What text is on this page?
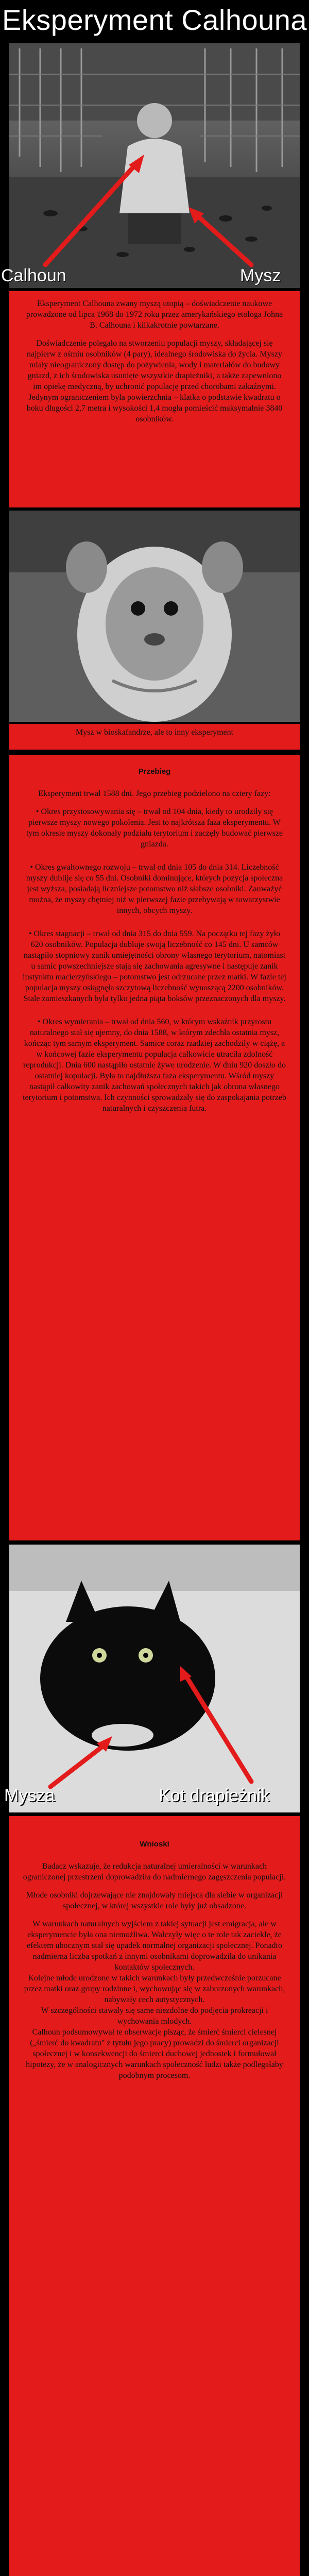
Eksperyment Calhouna
Calhoun	Mysz

Eksperyment Calhouna zwany myszą utopią – doświadczenie naukowe prowadzone od lipca 1968 do 1972 roku przez amerykańskiego etologa Johna B. Calhouna i kilkakrotnie powtarzane.

Doświadczenie polegało na stworzeniu populacji myszy, składającej się najpierw z ośmiu osobników (4 pary), idealnego środowiska do życia. Myszy miały nieograniczony dostęp do pożywienia, wody i materiałów do budowy gniazd, z ich środowiska usunięte wszystkie drapieżniki, a także zapewniono im opiekę medyczną, by uchronić populację przed chorobami zakaźnymi. Jedynym ograniczeniem była powierzchnia – klatka o podstawie kwadratu o boku długości 2,7 metra i wysokości 1,4 mogła pomieścić maksymalnie 3840 osobników.

Mysz w bioskafandrze, ale to inny eksperyment

Przebieg

Eksperyment trwał 1588 dni. Jego przebieg podzielono na cztery fazy:

• Okres przystosowywania się – trwał od 104 dnia, kiedy to urodziły się pierwsze myszy nowego pokolenia. Jest to najkrótsza faza eksperymentu. W tym okresie myszy dokonały podziału terytorium i zaczęły budować pierwsze gniazda.

• Okres gwałtownego rozwoju – trwał od dnia 105 do dnia 314. Liczebność myszy dublije się co 55 dni. Osobniki dominujące, których pozycja społeczna jest wyższa, posiadają liczniejsze potomstwo niż słabsze osobniki. Zauważyć można, że myszy chętniej niż w pierwszej fazie przebywają w towarzystwie innych, obcych myszy.

• Okres stagnacji – trwał od dnia 315 do dnia 559. Na początku tej fazy żyło 620 osobników. Populacja dubluje swoją liczebność co 145 dni. U samców nastąpiło stopniowy zanik umiejętności obrony własnego terytorium, natomiast u samic powszechniejsze stają się zachowania agresywne i następuje zanik instynktu macierzyńskiego – potomstwo jest odrzucane przez matki. W fazie tej populacja myszy osiągnęła szczytową liczebność wynoszącą 2200 osobników. Stale zamieszkanych była tylko jedna piąta boksów przeznaczonych dla myszy.

• Okres wymierania – trwał od dnia 560, w którym wskaźnik przyrostu naturalnego stał się ujemny, do dnia 1588, w którym zdechła ostatnia mysz, kończąc tym samym eksperyment. Samice coraz rzadziej zachodziły w ciążę, a w końcowej fazie eksperymentu populacja całkowicie utraciła zdolność reprodukcji. Dnia 600 nastąpiło ostatnie żywe urodzenie. W dniu 920 doszło do ostatniej kopulacji. Była to najdłuższa faza eksperymentu. Wśród myszy nastąpił całkowity zanik zachowań społecznych takich jak obrona własnego terytorium i potomstwa. Ich czynności sprowadzały się do zaspokajania potrzeb naturalnych i czyszczenia futra.

Mysza	Kot drapieżnik
Wnioski

Badacz wskazuje, że redukcja naturalnej umieralności w warunkach ograniczonej przestrzeni doprowadziła do nadmiernego zagęszczenia populacji.

Młode osobniki dojrzewające nie znajdowały miejsca dla siebie w organizacji społecznej, w której wszystkie role były już obsadzone.

W warunkach naturalnych wyjściem z takiej sytuacji jest emigracja, ale w eksperymencie była ona niemożliwa. Walczyły więc o te role tak zaciekle, że efektem ubocznym stał się upadek normalnej organizacji społecznej. Ponadto nadmierna liczba spotkań z innymi osobnikami doprowadziła do unikania kontaktów społecznych.

Kolejne młode urodzone w takich warunkach były przedwcześnie porzucane przez matki oraz grupy rodzinne i, wychowując się w zaburzonych warunkach, nabywały cech autystycznych.

W szczególności stawały się same niezdolne do podjęcia prokreacji i wychowania młodych.

Calhoun podsumowywał te obserwacje pisząc, że śmierć śmierci cielesnej („śmierć do kwadratu" z tytułu jego pracy) prowadzi do śmierci organizacji społecznej i w konsekwencji do śmierci duchowej jednostek i formułował hipotezy, że w analogicznych warunkach społeczność ludzi także podlegałaby podobnym procesom.
